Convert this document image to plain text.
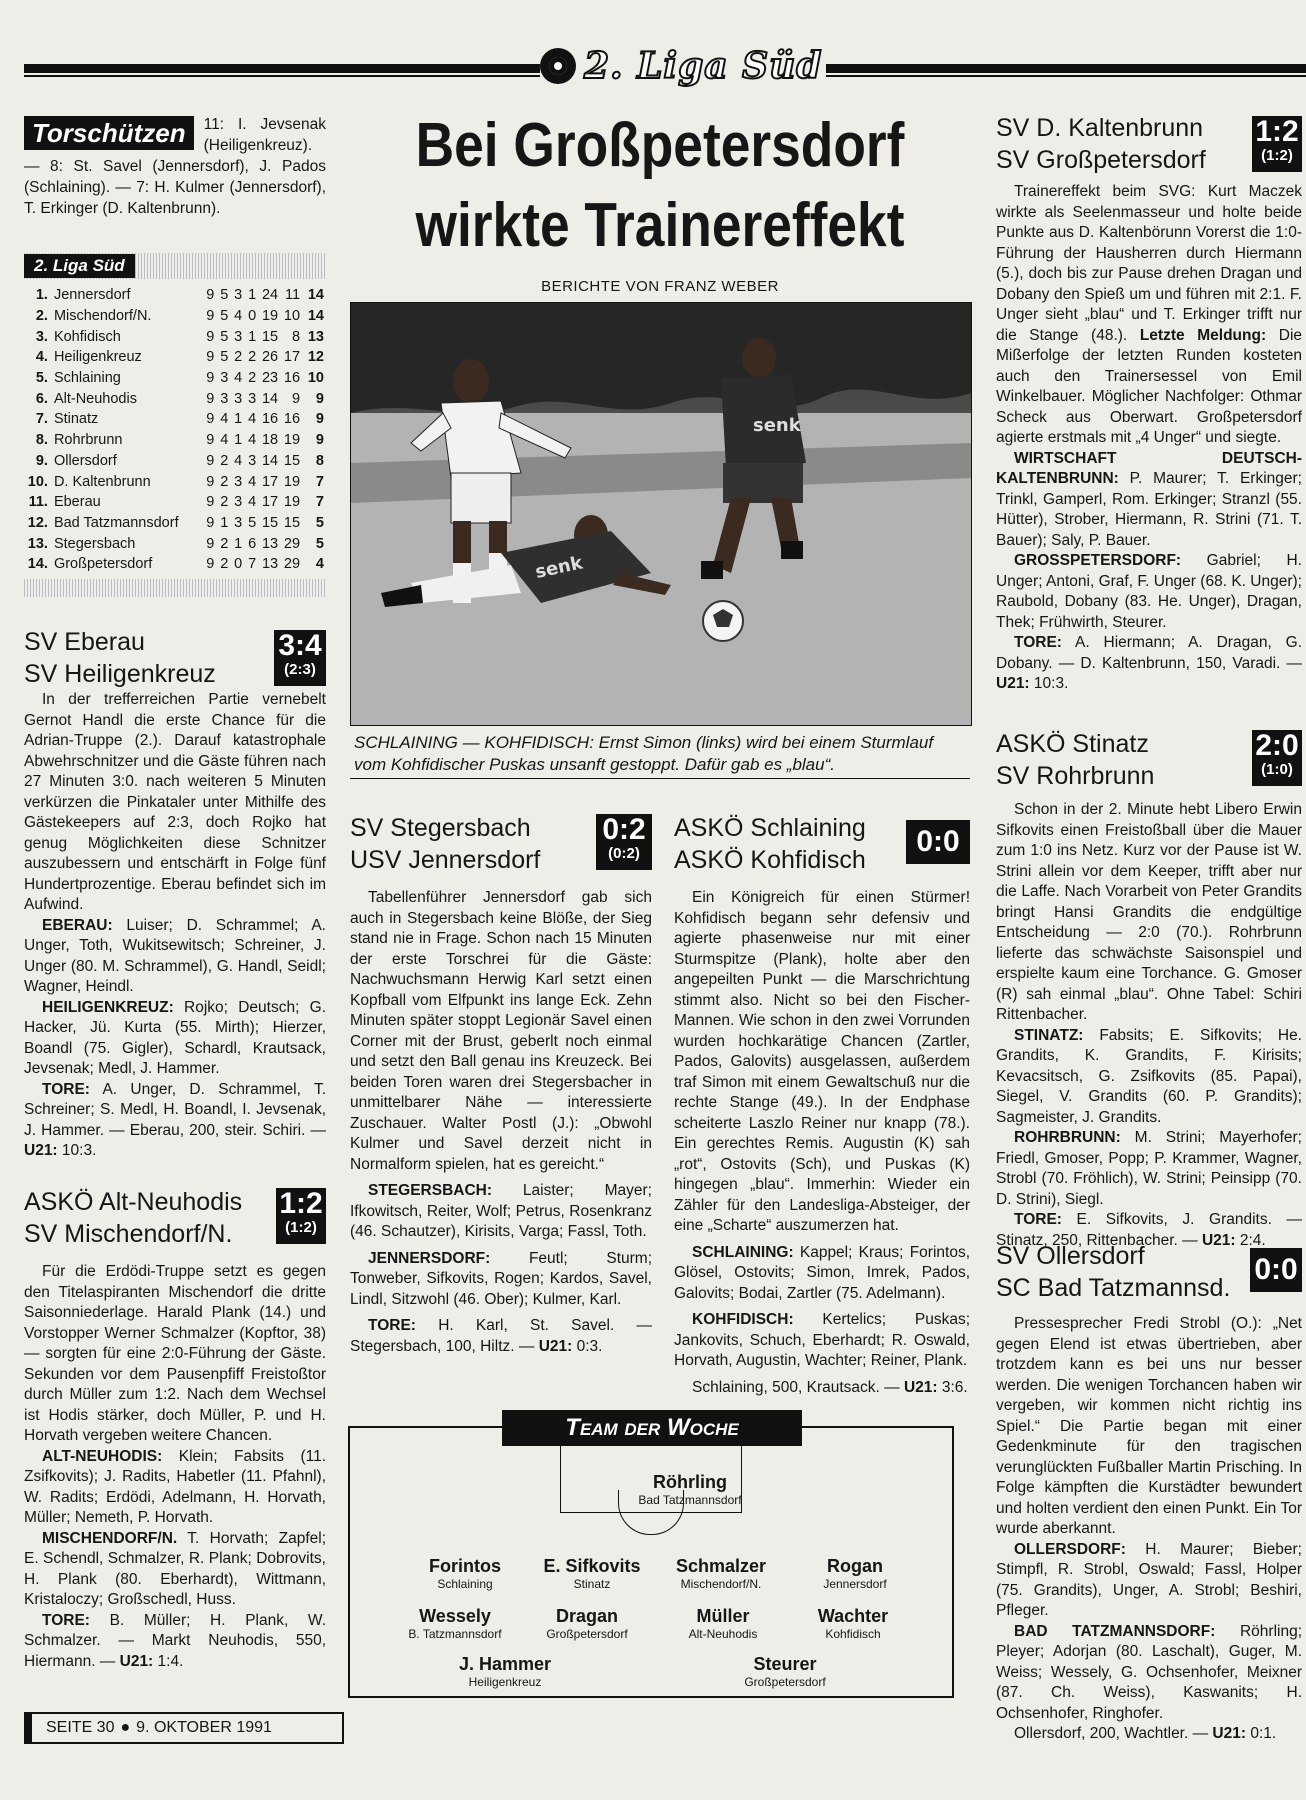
2. Liga Süd
Torschützen	11: I. Jevsenak (Heiligenkreuz). — 8: St. Savel (Jennersdorf), J. Pados (Schlaining). — 7: H. Kulmer (Jennersdorf), T. Erkinger (D. Kaltenbrunn).
2. Liga Süd
1.	Jennersdorf	9	5	3	1	24	11	14
2.	Mischendorf/N.	9	5	4	0	19	10	14
3.	Kohfidisch	9	5	3	1	15	8	13
4.	Heiligenkreuz	9	5	2	2	26	17	12
5.	Schlaining	9	3	4	2	23	16	10
6.	Alt-Neuhodis	9	3	3	3	14	9	9
7.	Stinatz	9	4	1	4	16	16	9
8.	Rohrbrunn	9	4	1	4	18	19	9
9.	Ollersdorf	9	2	4	3	14	15	8
10.	D. Kaltenbrunn	9	2	3	4	17	19	7
11.	Eberau	9	2	3	4	17	19	7
12.	Bad Tatzmannsdorf	9	1	3	5	15	15	5
13.	Stegersbach	9	2	1	6	13	29	5
14.	Großpetersdorf	9	2	0	7	13	29	4
SV Eberau
SV Heiligenkreuz
3:4
(2:3)

In der trefferreichen Partie vernebelt Gernot Handl die erste Chance für die Adrian-Truppe (2.). Darauf katastrophale Abwehrschnitzer und die Gäste führen nach 27 Minuten 3:0. nach weiteren 5 Minuten verkürzen die Pinkataler unter Mithilfe des Gästekeepers auf 2:3, doch Rojko hat genug Möglichkeiten diese Schnitzer auszubessern und entschärft in Folge fünf Hundertprozentige. Eberau befindet sich im Aufwind.

EBERAU: Luiser; D. Schrammel; A. Unger, Toth, Wukitsewitsch; Schreiner, J. Unger (80. M. Schrammel), G. Handl, Seidl; Wagner, Heindl.

HEILIGENKREUZ: Rojko; Deutsch; G. Hacker, Jü. Kurta (55. Mirth); Hierzer, Boandl (75. Gigler), Schardl, Krautsack, Jevsenak; Medl, J. Hammer.

TORE: A. Unger, D. Schrammel, T. Schreiner; S. Medl, H. Boandl, I. Jevsenak, J. Hammer. — Eberau, 200, steir. Schiri. — U21: 10:3.

ASKÖ Alt-Neuhodis
SV Mischendorf/N.
1:2
(1:2)

Für die Erdödi-Truppe setzt es gegen den Titelaspiranten Mischendorf die dritte Saisonniederlage. Harald Plank (14.) und Vorstopper Werner Schmalzer (Kopftor, 38) — sorgten für eine 2:0-Führung der Gäste. Sekunden vor dem Pausenpfiff Freistoßtor durch Müller zum 1:2. Nach dem Wechsel ist Hodis stärker, doch Müller, P. und H. Horvath vergeben weitere Chancen.

ALT-NEUHODIS: Klein; Fabsits (11. Zsifkovits); J. Radits, Habetler (11. Pfahnl), W. Radits; Erdödi, Adelmann, H. Horvath, Müller; Nemeth, P. Horvath.

MISCHENDORF/N. T. Horvath; Zapfel; E. Schendl, Schmalzer, R. Plank; Dobrovits, H. Plank (80. Eberhardt), Wittmann, Kristaloczy; Großschedl, Huss.

TORE: B. Müller; H. Plank, W. Schmalzer. — Markt Neuhodis, 550, Hiermann. — U21: 1:4.

SEITE 30 ● 9. OKTOBER 1991
Bei Großpetersdorf
wirkte Trainereffekt
BERICHTE VON FRANZ WEBER
senk
senk
SCHLAINING — KOHFIDISCH: Ernst Simon (links) wird bei einem Sturmlauf vom Kohfidischer Puskas unsanft gestoppt. Dafür gab es „blau“.
SV Stegersbach
USV Jennersdorf
0:2
(0:2)

Tabellenführer Jennersdorf gab sich auch in Stegersbach keine Blöße, der Sieg stand nie in Frage. Schon nach 15 Minuten der erste Torschrei für die Gäste: Nachwuchsmann Herwig Karl setzt einen Kopfball vom Elfpunkt ins lange Eck. Zehn Minuten später stoppt Legionär Savel einen Corner mit der Brust, geberlt noch einmal und setzt den Ball genau ins Kreuzeck. Bei beiden Toren waren drei Stegersbacher in unmittelbarer Nähe — interessierte Zuschauer. Walter Postl (J.): „Obwohl Kulmer und Savel derzeit nicht in Normalform spielen, hat es gereicht.“

STEGERSBACH: Laister; Mayer; Ifkowitsch, Reiter, Wolf; Petrus, Rosenkranz (46. Schautzer), Kirisits, Varga; Fassl, Toth.

JENNERSDORF: Feutl; Sturm; Tonweber, Sifkovits, Rogen; Kardos, Savel, Lindl, Sitzwohl (46. Ober); Kulmer, Karl.

TORE: H. Karl, St. Savel. — Stegersbach, 100, Hiltz. — U21: 0:3.

ASKÖ Schlaining
ASKÖ Kohfidisch
0:0

Ein Königreich für einen Stürmer! Kohfidisch begann sehr defensiv und agierte phasenweise nur mit einer Sturmspitze (Plank), holte aber den angepeilten Punkt — die Marschrichtung stimmt also. Nicht so bei den Fischer-Mannen. Wie schon in den zwei Vorrunden wurden hochkarätige Chancen (Zartler, Pados, Galovits) ausgelassen, außerdem traf Simon mit einem Gewaltschuß nur die rechte Stange (49.). In der Endphase scheiterte Laszlo Reiner nur knapp (78.). Ein gerechtes Remis. Augustin (K) sah „rot“, Ostovits (Sch), und Puskas (K) hingegen „blau“. Immerhin: Wieder ein Zähler für den Landesliga-Absteiger, der eine „Scharte“ auszumerzen hat.

SCHLAINING: Kappel; Kraus; Forintos, Glösel, Ostovits; Simon, Imrek, Pados, Galovits; Bodai, Zartler (75. Adelmann).

KOHFIDISCH: Kertelics; Puskas; Jankovits, Schuch, Eberhardt; R. Oswald, Horvath, Augustin, Wachter; Reiner, Plank.

Schlaining, 500, Krautsack. — U21: 3:6.

Team der Woche
Röhrling
Bad Tatzmannsdorf
Forintos
Schlaining
E. Sifkovits
Stinatz
Schmalzer
Mischendorf/N.
Rogan
Jennersdorf
Wessely
B. Tatzmannsdorf
Dragan
Großpetersdorf
Müller
Alt-Neuhodis
Wachter
Kohfidisch
J. Hammer
Heiligenkreuz
Steurer
Großpetersdorf
SV D. Kaltenbrunn
SV Großpetersdorf
1:2
(1:2)

Trainereffekt beim SVG: Kurt Maczek wirkte als Seelenmasseur und holte beide Punkte aus D. Kaltenbörunn Vorerst die 1:0-Führung der Hausherren durch Hiermann (5.), doch bis zur Pause drehen Dragan und Dobany den Spieß um und führen mit 2:1. F. Unger sieht „blau“ und T. Erkinger trifft nur die Stange (48.). Letzte Meldung: Die Mißerfolge der letzten Runden kosteten auch den Trainersessel von Emil Winkelbauer. Möglicher Nachfolger: Othmar Scheck aus Oberwart. Großpetersdorf agierte erstmals mit „4 Unger“ und siegte.

WIRTSCHAFT DEUTSCH-KALTENBRUNN: P. Maurer; T. Erkinger; Trinkl, Gamperl, Rom. Erkinger; Stranzl (55. Hütter), Strober, Hiermann, R. Strini (71. T. Bauer); Saly, P. Bauer.

GROSSPETERSDORF: Gabriel; H. Unger; Antoni, Graf, F. Unger (68. K. Unger); Raubold, Dobany (83. He. Unger), Dragan, Thek; Frühwirth, Steurer.

TORE: A. Hiermann; A. Dragan, G. Dobany. — D. Kaltenbrunn, 150, Varadi. — U21: 10:3.

ASKÖ Stinatz
SV Rohrbrunn
2:0
(1:0)

Schon in der 2. Minute hebt Libero Erwin Sifkovits einen Freistoßball über die Mauer zum 1:0 ins Netz. Kurz vor der Pause ist W. Strini allein vor dem Keeper, trifft aber nur die Laffe. Nach Vorarbeit von Peter Grandits bringt Hansi Grandits die endgültige Entscheidung — 2:0 (70.). Rohrbrunn lieferte das schwächste Saisonspiel und erspielte kaum eine Torchance. G. Gmoser (R) sah einmal „blau“. Ohne Tabel: Schiri Rittenbacher.

STINATZ: Fabsits; E. Sifkovits; He. Grandits, K. Grandits, F. Kirisits; Kevacsitsch, G. Zsifkovits (85. Papai), Siegel, V. Grandits (60. P. Grandits); Sagmeister, J. Grandits.

ROHRBRUNN: M. Strini; Mayerhofer; Friedl, Gmoser, Popp; P. Krammer, Wagner, Strobl (70. Fröhlich), W. Strini; Peinsipp (70. D. Strini), Siegl.

TORE: E. Sifkovits, J. Grandits. — Stinatz, 250, Rittenbacher. — U21: 2:4.

SV Ollersdorf
SC Bad Tatzmannsd.
0:0

Pressesprecher Fredi Strobl (O.): „Net gegen Elend ist etwas übertrieben, aber trotzdem kann es bei uns nur besser werden. Die wenigen Torchancen haben wir vergeben, wir kommen nicht richtig ins Spiel.“ Die Partie began mit einer Gedenkminute für den tragischen verunglückten Fußballer Martin Prisching. In Folge kämpften die Kurstädter bewundert und holten verdient den einen Punkt. Ein Tor wurde aberkannt.

OLLERSDORF: H. Maurer; Bieber; Stimpfl, R. Strobl, Oswald; Fassl, Holper (75. Grandits), Unger, A. Strobl; Beshiri, Pfleger.

BAD TATZMANNSDORF: Röhrling; Pleyer; Adorjan (80. Laschalt), Guger, M. Weiss; Wessely, G. Ochsenhofer, Meixner (87. Ch. Weiss), Kaswanits; H. Ochsenhofer, Ringhofer.

Ollersdorf, 200, Wachtler. — U21: 0:1.
